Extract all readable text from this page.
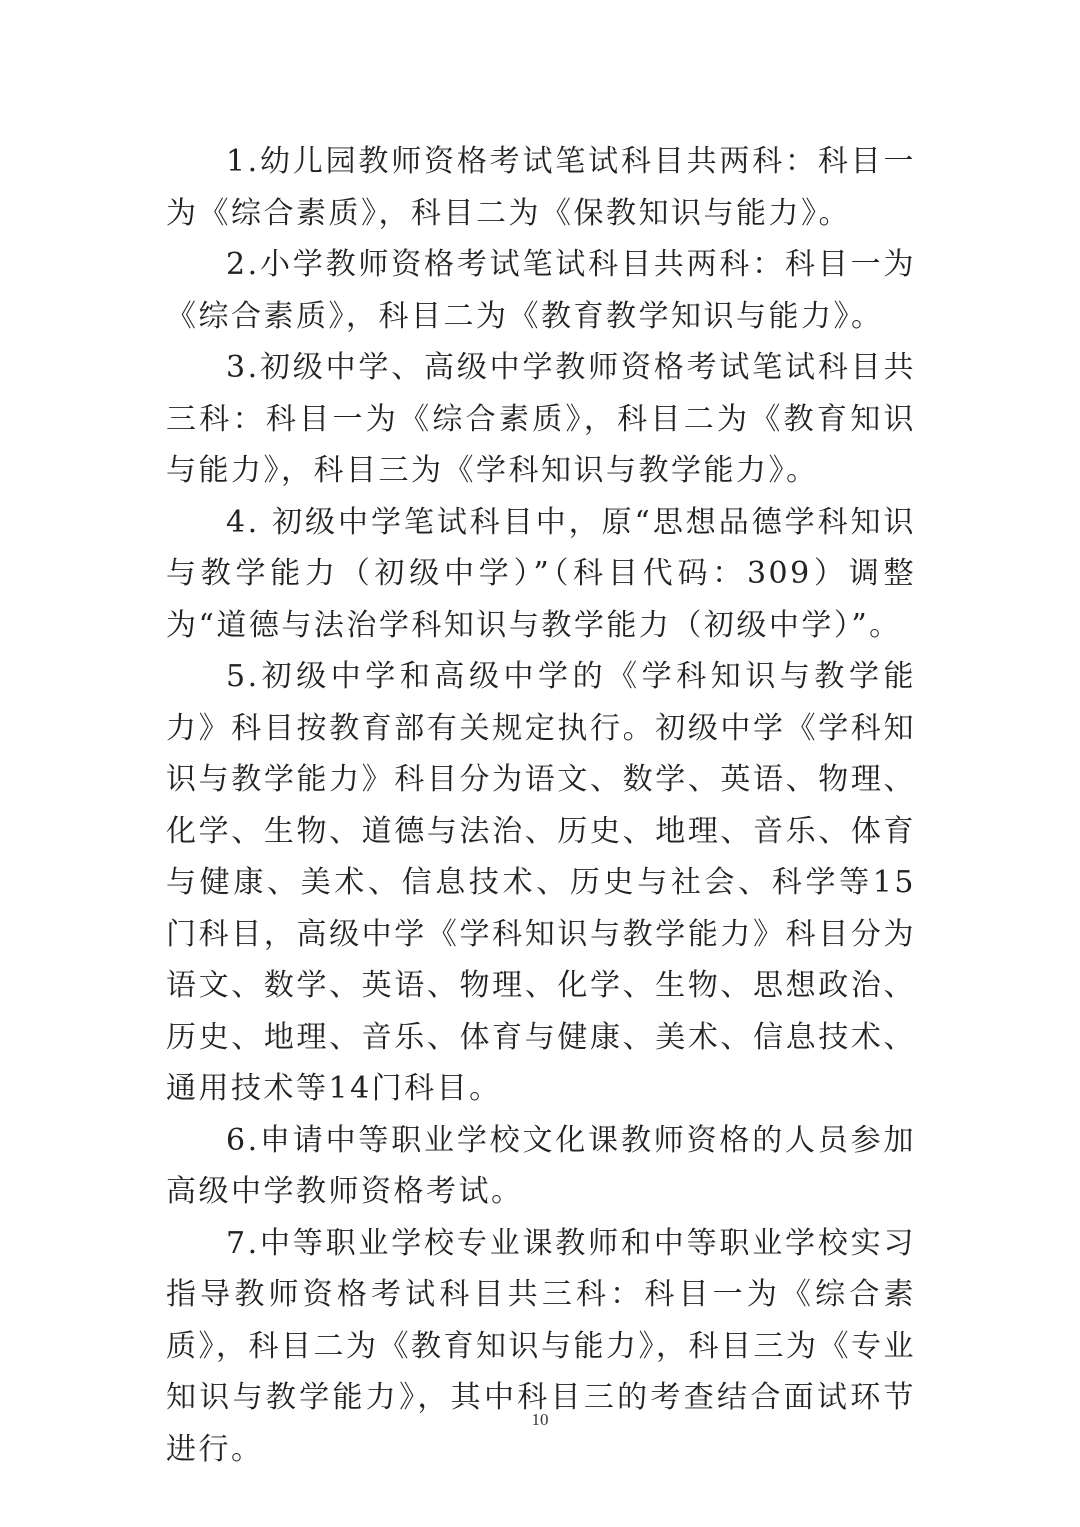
1.幼儿园教师资格考试笔试科目共两科：科目一为《综合素质》，科目二为《保教知识与能力》。

2.小学教师资格考试笔试科目共两科：科目一为《综合素质》，科目二为《教育教学知识与能力》。

3.初级中学、高级中学教师资格考试笔试科目共三科：科目一为《综合素质》，科目二为《教育知识与能力》，科目三为《学科知识与教学能力》。

4. 初级中学笔试科目中，原“思想品德学科知识与教学能力（初级中学）”（科目代码：309）调整为“道德与法治学科知识与教学能力（初级中学）”。

5.初级中学和高级中学的《学科知识与教学能力》科目按教育部有关规定执行。初级中学《学科知识与教学能力》科目分为语文、数学、英语、物理、化学、生物、道德与法治、历史、地理、音乐、体育与健康、美术、信息技术、历史与社会、科学等15门科目，高级中学《学科知识与教学能力》科目分为语文、数学、英语、物理、化学、生物、思想政治、历史、地理、音乐、体育与健康、美术、信息技术、通用技术等14门科目。

6.申请中等职业学校文化课教师资格的人员参加高级中学教师资格考试。

7.中等职业学校专业课教师和中等职业学校实习指导教师资格考试科目共三科：科目一为《综合素质》，科目二为《教育知识与能力》，科目三为《专业知识与教学能力》，其中科目三的考查结合面试环节进行。

10
